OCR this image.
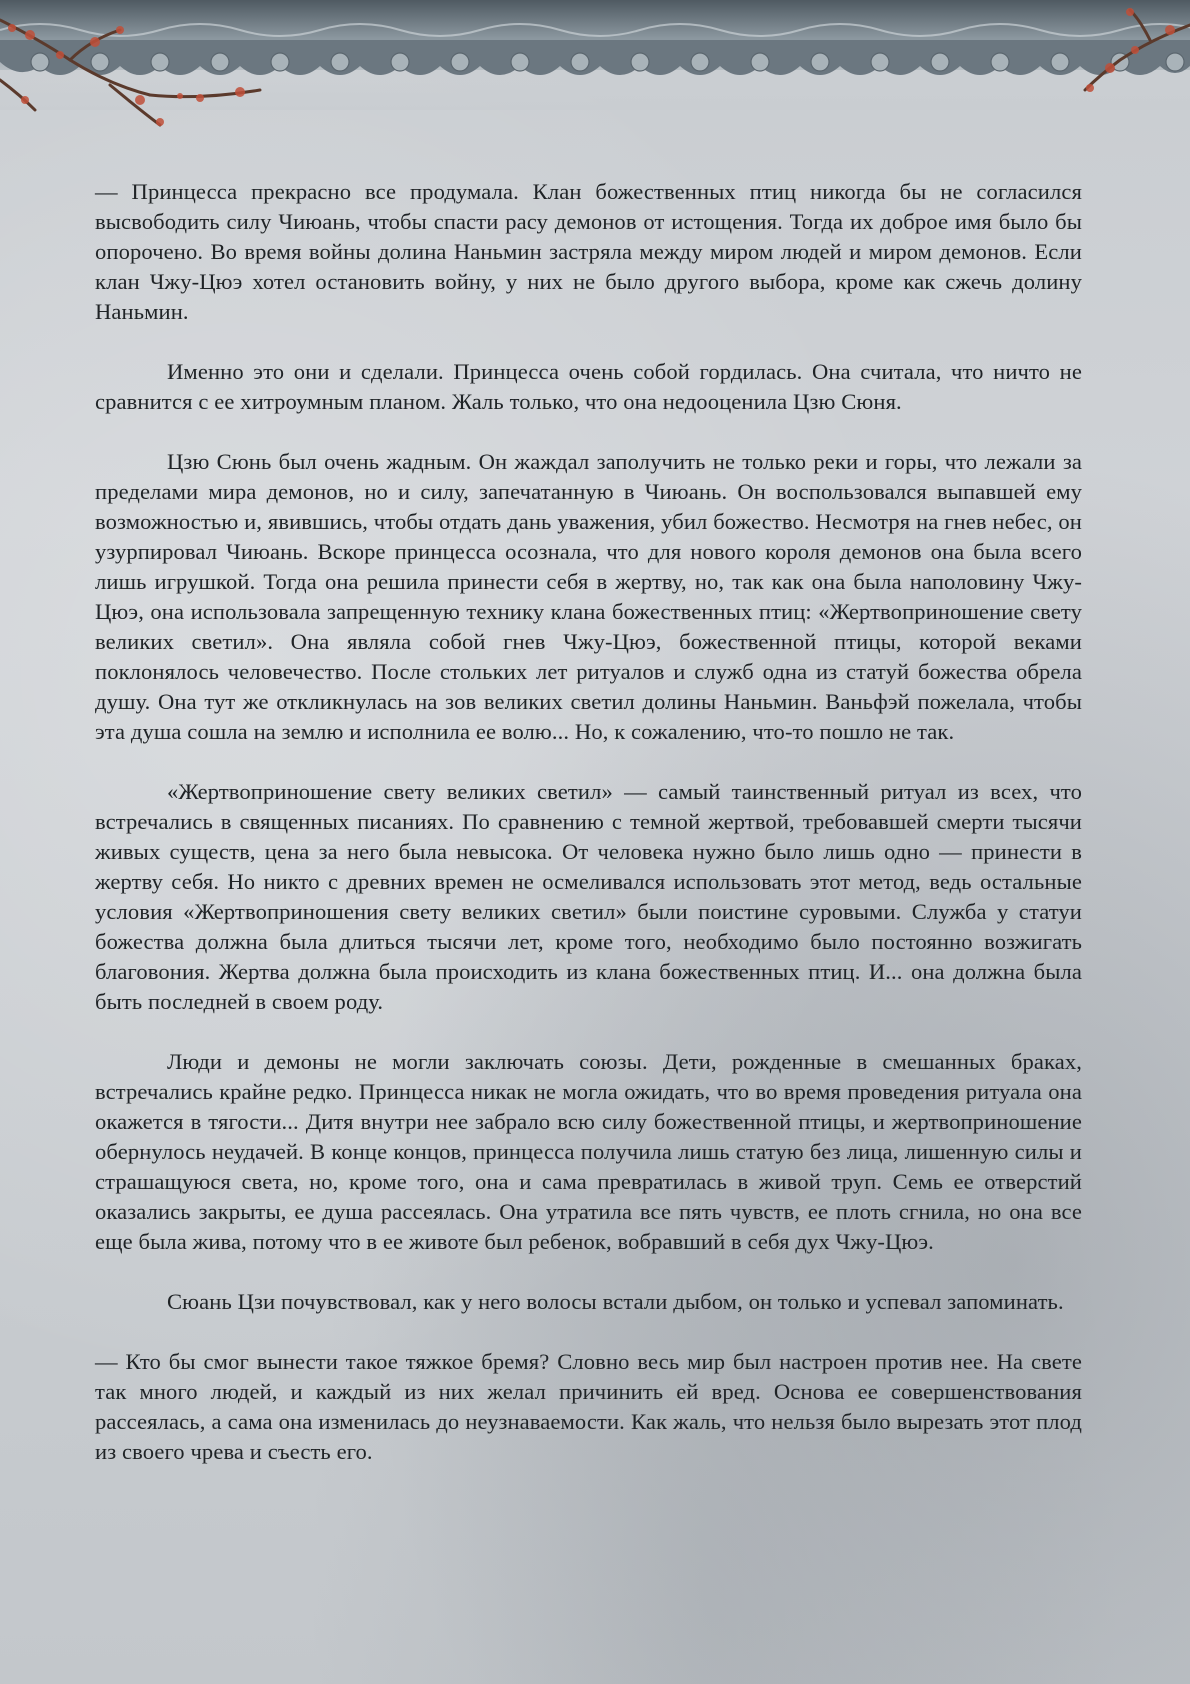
— Принцесса прекрасно все продумала. Клан божественных птиц никогда бы не согласился высвободить силу Чиюань, чтобы спасти расу демонов от истощения. Тогда их доброе имя было бы опорочено. Во время войны долина Наньмин застряла между миром людей и миром демонов. Если клан Чжу-Цюэ хотел остановить войну, у них не было другого выбора, кроме как сжечь долину Наньмин.

Именно это они и сделали. Принцесса очень собой гордилась. Она считала, что ничто не сравнится с ее хитроумным планом. Жаль только, что она недооценила Цзю Сюня.

Цзю Сюнь был очень жадным. Он жаждал заполучить не только реки и горы, что лежали за пределами мира демонов, но и силу, запечатанную в Чиюань. Он воспользовался выпавшей ему возможностью и, явившись, чтобы отдать дань уважения, убил божество. Несмотря на гнев небес, он узурпировал Чиюань. Вскоре принцесса осознала, что для нового короля демонов она была всего лишь игрушкой. Тогда она решила принести себя в жертву, но, так как она была наполовину Чжу-Цюэ, она использовала запрещенную технику клана божественных птиц: «Жертвоприношение свету великих светил». Она являла собой гнев Чжу-Цюэ, божественной птицы, которой веками поклонялось человечество. После стольких лет ритуалов и служб одна из статуй божества обрела душу. Она тут же откликнулась на зов великих светил долины Наньмин. Ваньфэй пожелала, чтобы эта душа сошла на землю и исполнила ее волю... Но, к сожалению, что-то пошло не так.

«Жертвоприношение свету великих светил» — самый таинственный ритуал из всех, что встречались в священных писаниях. По сравнению с темной жертвой, требовавшей смерти тысячи живых существ, цена за него была невысока. От человека нужно было лишь одно — принести в жертву себя. Но никто с древних времен не осмеливался использовать этот метод, ведь остальные условия «Жертвоприношения свету великих светил» были поистине суровыми. Служба у статуи божества должна была длиться тысячи лет, кроме того, необходимо было постоянно возжигать благовония. Жертва должна была происходить из клана божественных птиц. И... она должна была быть последней в своем роду.

Люди и демоны не могли заключать союзы. Дети, рожденные в смешанных браках, встречались крайне редко. Принцесса никак не могла ожидать, что во время проведения ритуала она окажется в тягости... Дитя внутри нее забрало всю силу божественной птицы, и жертвоприношение обернулось неудачей. В конце концов, принцесса получила лишь статую без лица, лишенную силы и страшащуюся света, но, кроме того, она и сама превратилась в живой труп. Семь ее отверстий оказались закрыты, ее душа рассеялась. Она утратила все пять чувств, ее плоть сгнила, но она все еще была жива, потому что в ее животе был ребенок, вобравший в себя дух Чжу-Цюэ.

Сюань Цзи почувствовал, как у него волосы встали дыбом, он только и успевал запоминать.

— Кто бы смог вынести такое тяжкое бремя? Словно весь мир был настроен против нее. На свете так много людей, и каждый из них желал причинить ей вред. Основа ее совершенствования рассеялась, а сама она изменилась до неузнаваемости. Как жаль, что нельзя было вырезать этот плод из своего чрева и съесть его.
